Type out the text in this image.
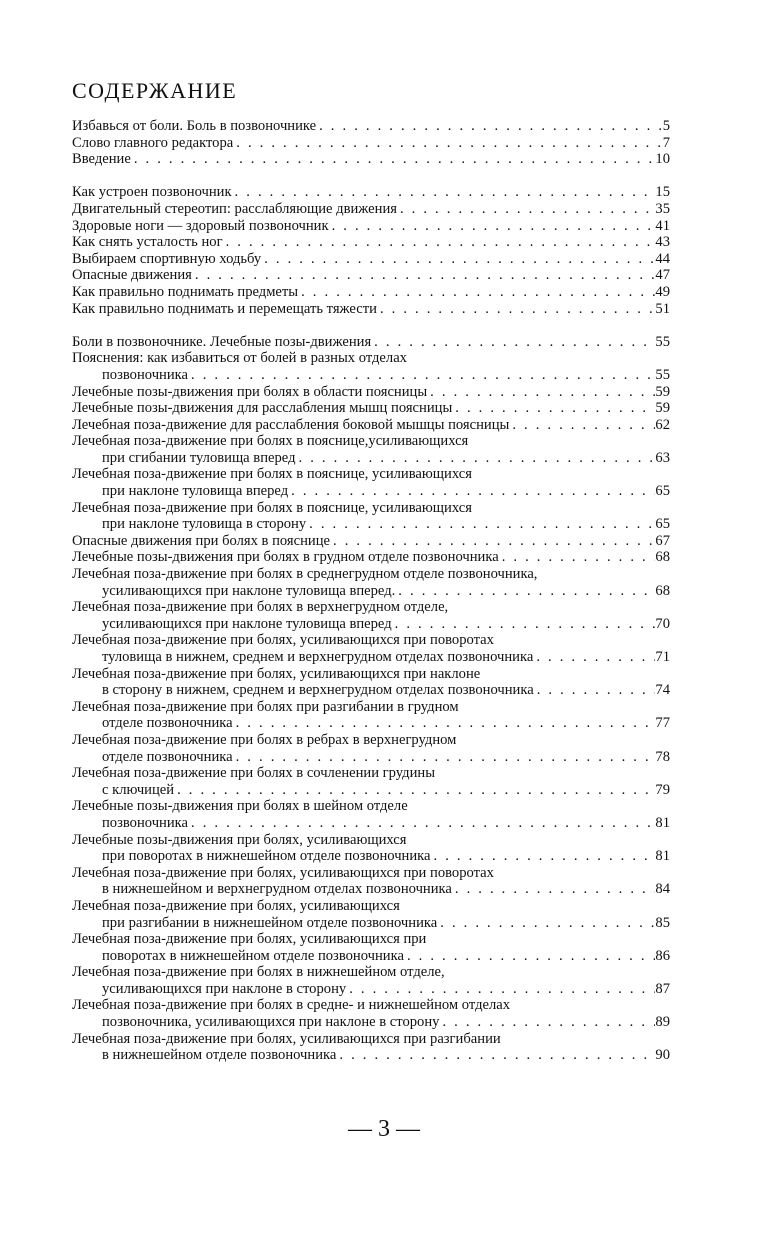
СОДЕРЖАНИЕ
Избавься от боли. Боль в позвоночнике . . .	5
Слово главного редактора . . .	7
Введение . . .	10
Как устроен позвоночник . . .	15
Двигательный стереотип: расслабляющие движения . . .	35
Здоровые ноги — здоровый позвоночник . . .	41
Как снять усталость ног . . .	43
Выбираем спортивную ходьбу . . .	44
Опасные движения . . .	47
Как правильно поднимать предметы . . .	49
Как правильно поднимать и перемещать тяжести . . .	51
Боли в позвоночнике. Лечебные позы-движения . . .	55
Пояснения: как избавиться от болей в разных отделах
позвоночника . . .	55
Лечебные позы-движения при болях в области поясницы . . .	59
Лечебные позы-движения для расслабления мышц поясницы . . .	59
Лечебная поза-движение для расслабления боковой мышцы поясницы . . .	62
Лечебная поза-движение при болях в пояснице,усиливающихся
при сгибании туловища вперед . . .	63
Лечебная поза-движение при болях в пояснице, усиливающихся
при наклоне туловища вперед . . .	65
Лечебная поза-движение при болях в пояснице, усиливающихся
при наклоне туловища в сторону . . .	65
Опасные движения при болях в пояснице . . .	67
Лечебные позы-движения при болях в грудном отделе позвоночника . . .	68
Лечебная поза-движение при болях в среднегрудном отделе позвоночника,
усиливающихся при наклоне туловища вперед. . . .	68
Лечебная поза-движение при болях в верхнегрудном отделе,
усиливающихся при наклоне туловища вперед . . .	70
Лечебная поза-движение при болях, усиливающихся при поворотах
туловища в нижнем, среднем и верхнегрудном отделах позвоночника . . .	71
Лечебная поза-движение при болях, усиливающихся при наклоне
в сторону в нижнем, среднем и верхнегрудном отделах позвоночника . . .	74
Лечебная поза-движение при болях при разгибании в грудном
отделе позвоночника . . .	77
Лечебная поза-движение при болях в ребрах в верхнегрудном
отделе позвоночника . . .	78
Лечебная поза-движение при болях в сочленении грудины
с ключицей . . .	79
Лечебные позы-движения при болях в шейном отделе
позвоночника . . .	81
Лечебные позы-движения при болях, усиливающихся
при поворотах в нижнешейном отделе позвоночника . . .	81
Лечебная поза-движение при болях, усиливающихся при поворотах
в нижнешейном и верхнегрудном отделах позвоночника . . .	84
Лечебная поза-движение при болях, усиливающихся
при разгибании в нижнешейном отделе позвоночника . . .	85
Лечебная поза-движение при болях, усиливающихся при
поворотах в нижнешейном отделе позвоночника . . .	86
Лечебная поза-движение при болях в нижнешейном отделе,
усиливающихся при наклоне в сторону . . .	87
Лечебная поза-движение при болях в средне- и нижнешейном отделах
позвоночника, усиливающихся при наклоне в сторону . . .	89
Лечебная поза-движение при болях, усиливающихся при разгибании
в нижнешейном отделе позвоночника . . .	90
— 3 —
